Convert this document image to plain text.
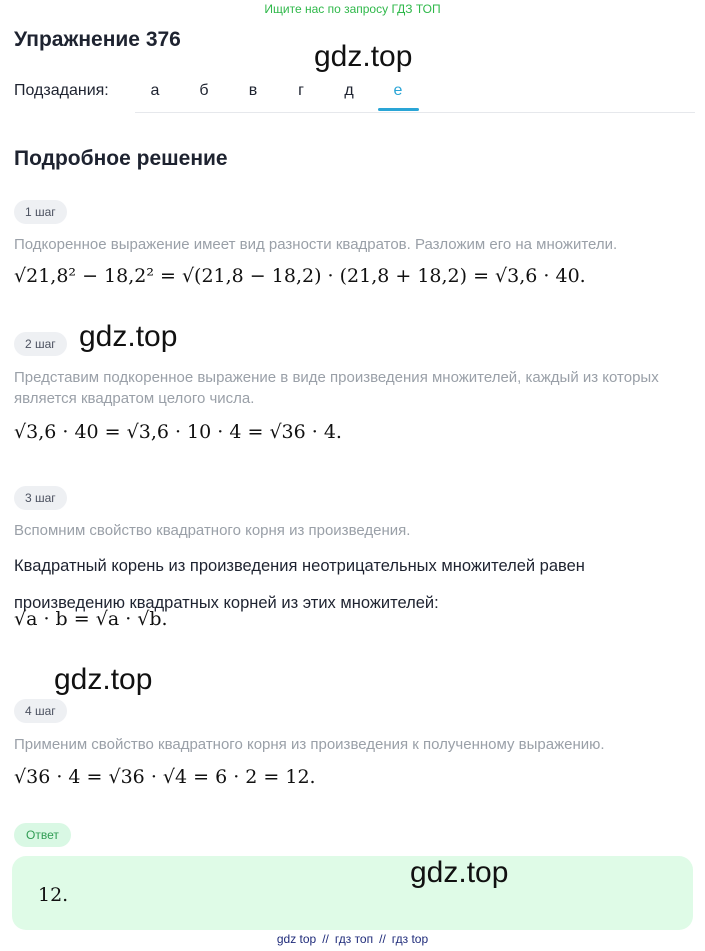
Ищите нас по запросу ГДЗ ТОП
Упражнение 376
gdz.top
Подзадания:	а	б	в	г	д	е
Подробное решение
1 шаг
Подкоренное выражение имеет вид разности квадратов. Разложим его на множители.
√21,8² − 18,2² = √(21,8 − 18,2) · (21,8 + 18,2) = √3,6 · 40.
2 шаг gdz.top
Представим подкоренное выражение в виде произведения множителей, каждый из которых является квадратом целого числа.
√3,6 · 40 = √3,6 · 10 · 4 = √36 · 4.
3 шаг
Вспомним свойство квадратного корня из произведения.
Квадратный корень из произведения неотрицательных множителей равен
произведению квадратных корней из этих множителей:
√a · b = √a · √b.
gdz.top
4 шаг
Применим свойство квадратного корня из произведения к полученному выражению.
√36 · 4 = √36 · √4 = 6 · 2 = 12.
Ответ
12.
gdz.top
gdz top // гдз топ // гдз top
